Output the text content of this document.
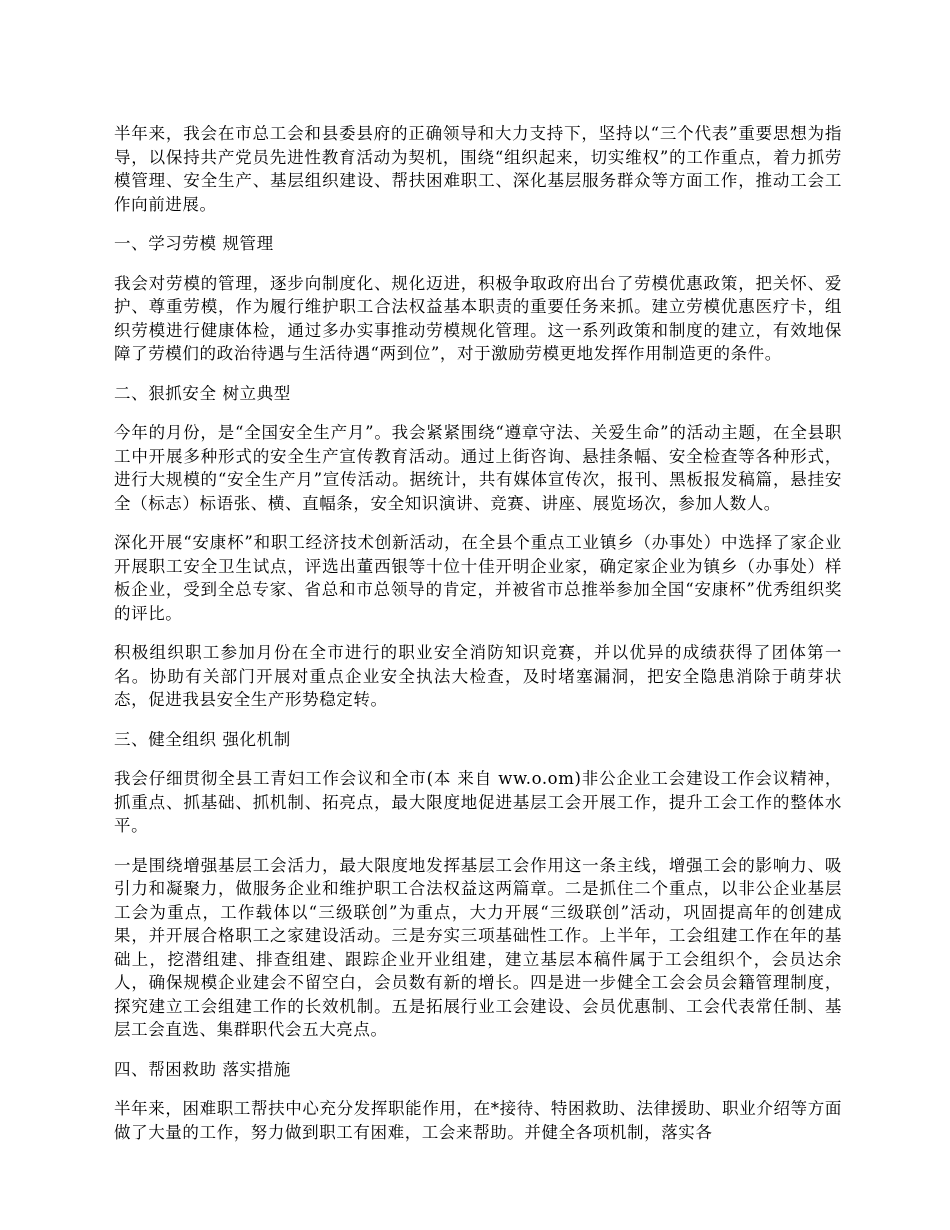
半年来，我会在市总工会和县委县府的正确领导和大力支持下，坚持以“三个代表”重要思想为指导，以保持共产党员先进性教育活动为契机，围绕“组织起来，切实维权”的工作重点，着力抓劳模管理、安全生产、基层组织建设、帮扶困难职工、深化基层服务群众等方面工作，推动工会工作向前进展。

一、学习劳模 规管理

我会对劳模的管理，逐步向制度化、规化迈进，积极争取政府出台了劳模优惠政策，把关怀、爱护、尊重劳模，作为履行维护职工合法权益基本职责的重要任务来抓。建立劳模优惠医疗卡，组织劳模进行健康体检，通过多办实事推动劳模规化管理。这一系列政策和制度的建立，有效地保障了劳模们的政治待遇与生活待遇“两到位”，对于激励劳模更地发挥作用制造更的条件。

二、狠抓安全 树立典型

今年的月份，是“全国安全生产月”。我会紧紧围绕“遵章守法、关爱生命”的活动主题，在全县职工中开展多种形式的安全生产宣传教育活动。通过上街咨询、悬挂条幅、安全检查等各种形式，进行大规模的“安全生产月”宣传活动。据统计，共有媒体宣传次，报刊、黑板报发稿篇，悬挂安全（标志）标语张、横、直幅条，安全知识演讲、竞赛、讲座、展览场次，参加人数人。

深化开展“安康杯”和职工经济技术创新活动，在全县个重点工业镇乡（办事处）中选择了家企业开展职工安全卫生试点，评选出董西银等十位十佳开明企业家，确定家企业为镇乡（办事处）样板企业，受到全总专家、省总和市总领导的肯定，并被省市总推举参加全国“安康杯”优秀组织奖的评比。

积极组织职工参加月份在全市进行的职业安全消防知识竞赛，并以优异的成绩获得了团体第一名。协助有关部门开展对重点企业安全执法大检查，及时堵塞漏洞，把安全隐患消除于萌芽状态，促进我县安全生产形势稳定转。

三、健全组织 强化机制

我会仔细贯彻全县工青妇工作会议和全市(本 来自 ww.o.om)非公企业工会建设工作会议精神，抓重点、抓基础、抓机制、拓亮点，最大限度地促进基层工会开展工作，提升工会工作的整体水平。

一是围绕增强基层工会活力，最大限度地发挥基层工会作用这一条主线，增强工会的影响力、吸引力和凝聚力，做服务企业和维护职工合法权益这两篇章。二是抓住二个重点，以非公企业基层工会为重点，工作载体以“三级联创”为重点，大力开展“三级联创”活动，巩固提高年的创建成果，并开展合格职工之家建设活动。三是夯实三项基础性工作。上半年，工会组建工作在年的基础上，挖潜组建、排查组建、跟踪企业开业组建，建立基层本稿件属于工会组织个，会员达余人，确保规模企业建会不留空白，会员数有新的增长。四是进一步健全工会会员会籍管理制度，探究建立工会组建工作的长效机制。五是拓展行业工会建设、会员优惠制、工会代表常任制、基层工会直选、集群职代会五大亮点。

四、帮困救助 落实措施

半年来，困难职工帮扶中心充分发挥职能作用，在*接待、特困救助、法律援助、职业介绍等方面做了大量的工作，努力做到职工有困难，工会来帮助。并健全各项机制，落实各
